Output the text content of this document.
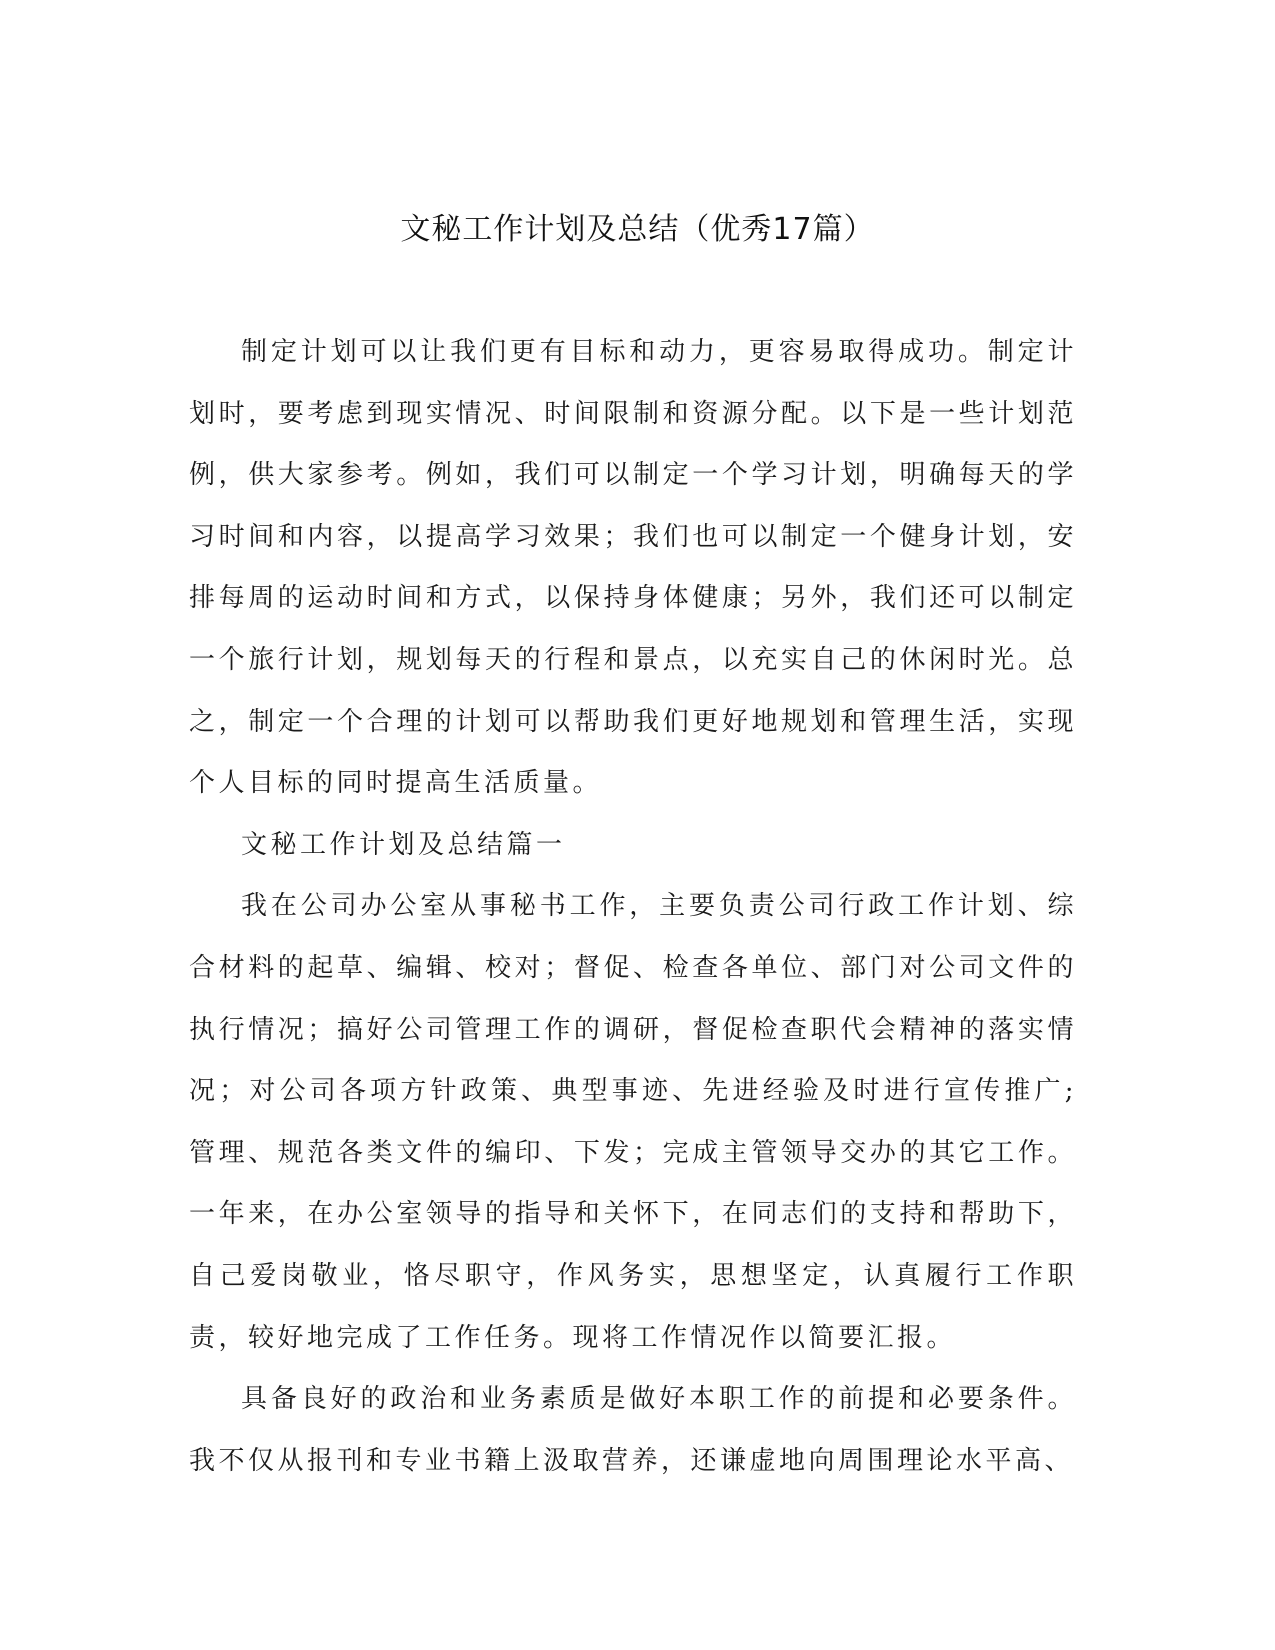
文秘工作计划及总结（优秀17篇）

制定计划可以让我们更有目标和动力，更容易取得成功。制定计划时，要考虑到现实情况、时间限制和资源分配。以下是一些计划范例，供大家参考。例如，我们可以制定一个学习计划，明确每天的学习时间和内容，以提高学习效果；我们也可以制定一个健身计划，安排每周的运动时间和方式，以保持身体健康；另外，我们还可以制定一个旅行计划，规划每天的行程和景点，以充实自己的休闲时光。总之，制定一个合理的计划可以帮助我们更好地规划和管理生活，实现个人目标的同时提高生活质量。

文秘工作计划及总结篇一

我在公司办公室从事秘书工作，主要负责公司行政工作计划、综合材料的起草、编辑、校对；督促、检查各单位、部门对公司文件的执行情况；搞好公司管理工作的调研，督促检查职代会精神的落实情况；对公司各项方针政策、典型事迹、先进经验及时进行宣传推广;管理、规范各类文件的编印、下发；完成主管领导交办的其它工作。一年来，在办公室领导的指导和关怀下，在同志们的支持和帮助下，自己爱岗敬业，恪尽职守，作风务实，思想坚定，认真履行工作职责，较好地完成了工作任务。现将工作情况作以简要汇报。

具备良好的政治和业务素质是做好本职工作的前提和必要条件。我不仅从报刊和专业书籍上汲取营养，还谦虚地向周围理论水平高、
